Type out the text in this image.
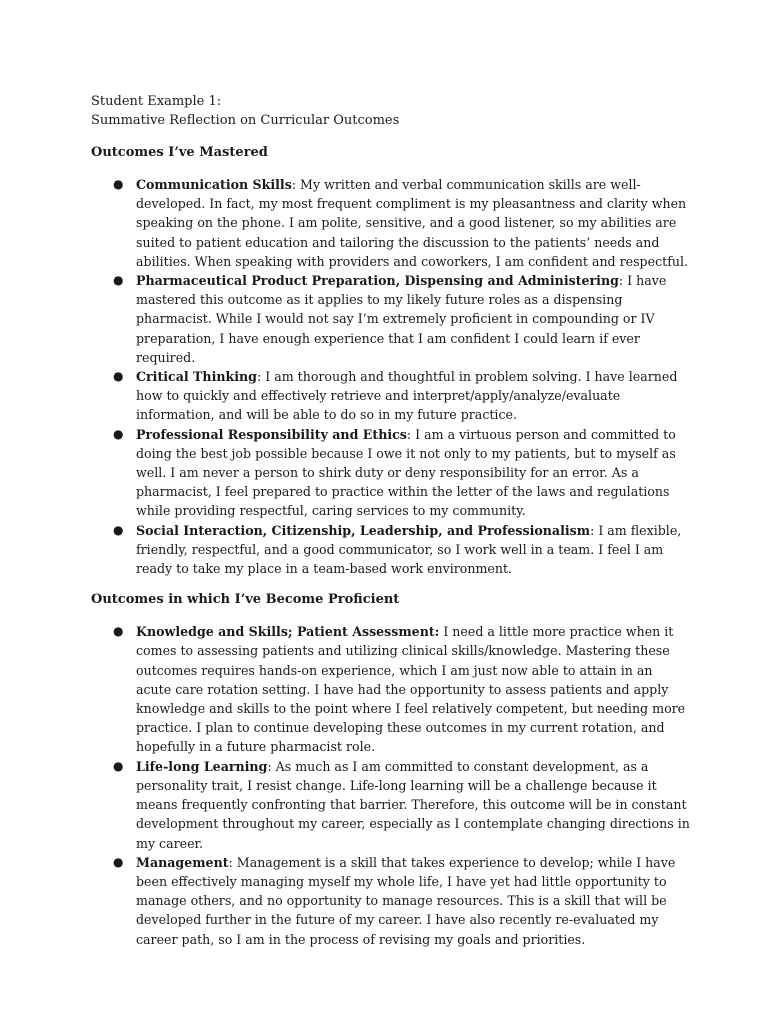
Student Example 1:

Summative Reflection on Curricular Outcomes

Outcomes I’ve Mastered
● Communication Skills: My written and verbal communication skills are well-developed. In fact, my most frequent compliment is my pleasantness and clarity when speaking on the phone. I am polite, sensitive, and a good listener, so my abilities are suited to patient education and tailoring the discussion to the patients’ needs and abilities. When speaking with providers and coworkers, I am confident and respectful.
● Pharmaceutical Product Preparation, Dispensing and Administering: I have mastered this outcome as it applies to my likely future roles as a dispensing pharmacist. While I would not say I’m extremely proficient in compounding or IV preparation, I have enough experience that I am confident I could learn if ever required.
● Critical Thinking: I am thorough and thoughtful in problem solving. I have learned how to quickly and effectively retrieve and interpret/apply/analyze/evaluate information, and will be able to do so in my future practice.
● Professional Responsibility and Ethics: I am a virtuous person and committed to doing the best job possible because I owe it not only to my patients, but to myself as well. I am never a person to shirk duty or deny responsibility for an error. As a pharmacist, I feel prepared to practice within the letter of the laws and regulations while providing respectful, caring services to my community.
● Social Interaction, Citizenship, Leadership, and Professionalism: I am flexible, friendly, respectful, and a good communicator, so I work well in a team. I feel I am ready to take my place in a team-based work environment.
Outcomes in which I’ve Become Proficient
● Knowledge and Skills; Patient Assessment: I need a little more practice when it comes to assessing patients and utilizing clinical skills/knowledge. Mastering these outcomes requires hands-on experience, which I am just now able to attain in an acute care rotation setting. I have had the opportunity to assess patients and apply knowledge and skills to the point where I feel relatively competent, but needing more practice. I plan to continue developing these outcomes in my current rotation, and hopefully in a future pharmacist role.
● Life-long Learning: As much as I am committed to constant development, as a personality trait, I resist change. Life-long learning will be a challenge because it means frequently confronting that barrier. Therefore, this outcome will be in constant development throughout my career, especially as I contemplate changing directions in my career.
● Management: Management is a skill that takes experience to develop; while I have been effectively managing myself my whole life, I have yet had little opportunity to manage others, and no opportunity to manage resources. This is a skill that will be developed further in the future of my career. I have also recently re-evaluated my career path, so I am in the process of revising my goals and priorities.
